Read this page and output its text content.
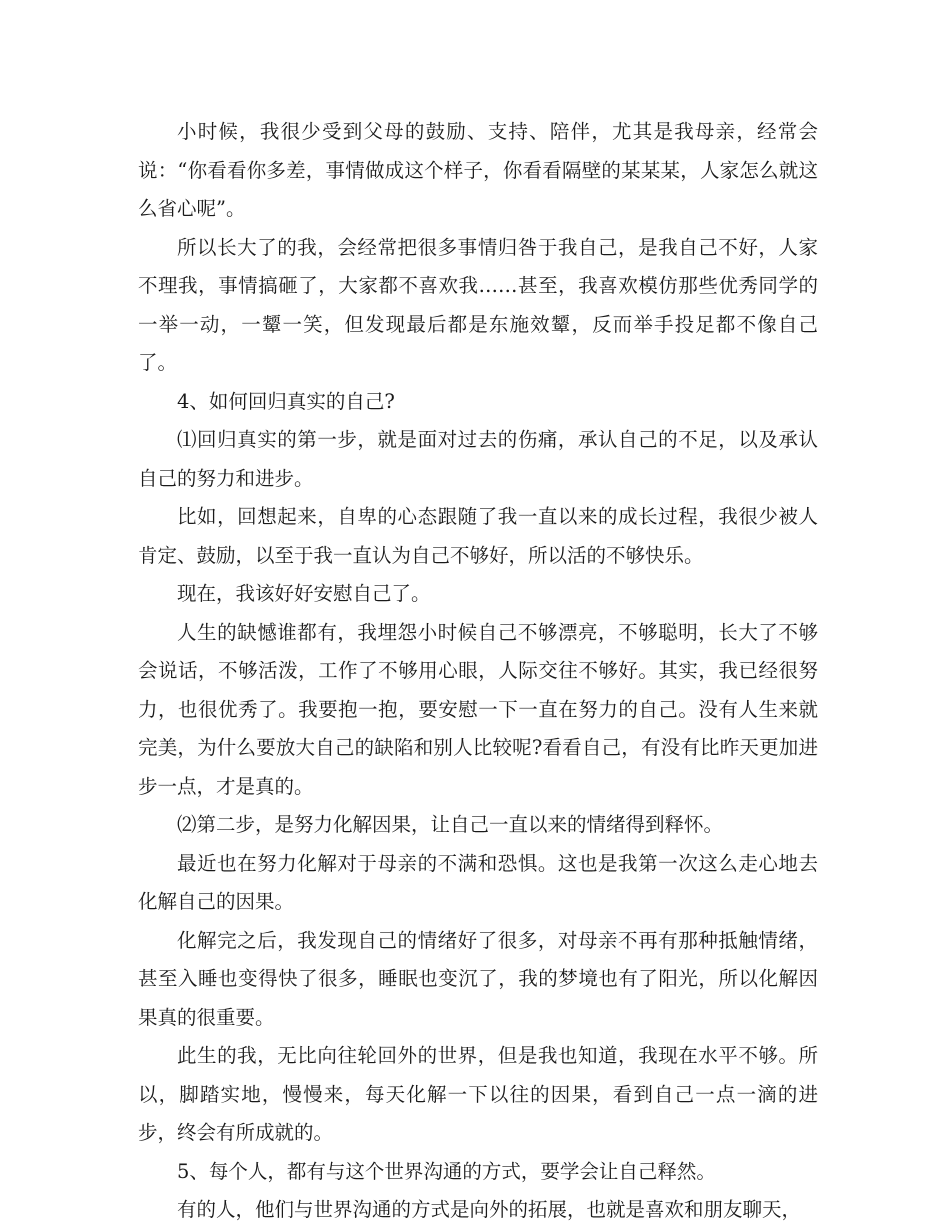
小时候，我很少受到父母的鼓励、支持、陪伴，尤其是我母亲，经常会说：“你看看你多差，事情做成这个样子，你看看隔壁的某某某，人家怎么就这么省心呢”。

所以长大了的我，会经常把很多事情归咎于我自己，是我自己不好，人家不理我，事情搞砸了，大家都不喜欢我……甚至，我喜欢模仿那些优秀同学的一举一动，一颦一笑，但发现最后都是东施效颦，反而举手投足都不像自己了。

4、如何回归真实的自己?

⑴回归真实的第一步，就是面对过去的伤痛，承认自己的不足，以及承认自己的努力和进步。

比如，回想起来，自卑的心态跟随了我一直以来的成长过程，我很少被人肯定、鼓励，以至于我一直认为自己不够好，所以活的不够快乐。

现在，我该好好安慰自己了。

人生的缺憾谁都有，我埋怨小时候自己不够漂亮，不够聪明，长大了不够会说话，不够活泼，工作了不够用心眼，人际交往不够好。其实，我已经很努力，也很优秀了。我要抱一抱，要安慰一下一直在努力的自己。没有人生来就完美，为什么要放大自己的缺陷和别人比较呢?看看自己，有没有比昨天更加进步一点，才是真的。

⑵第二步，是努力化解因果，让自己一直以来的情绪得到释怀。

最近也在努力化解对于母亲的不满和恐惧。这也是我第一次这么走心地去化解自己的因果。

化解完之后，我发现自己的情绪好了很多，对母亲不再有那种抵触情绪，甚至入睡也变得快了很多，睡眠也变沉了，我的梦境也有了阳光，所以化解因果真的很重要。

此生的我，无比向往轮回外的世界，但是我也知道，我现在水平不够。所以，脚踏实地，慢慢来，每天化解一下以往的因果，看到自己一点一滴的进步，终会有所成就的。

5、每个人，都有与这个世界沟通的方式，要学会让自己释然。

有的人，他们与世界沟通的方式是向外的拓展，也就是喜欢和朋友聊天，
